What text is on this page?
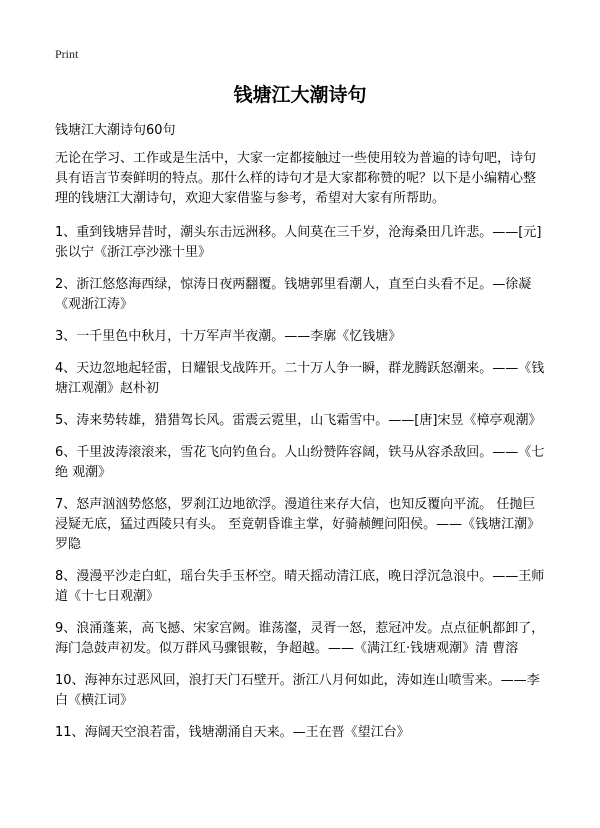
Print
钱塘江大潮诗句
钱塘江大潮诗句60句

无论在学习、工作或是生活中，大家一定都接触过一些使用较为普遍的诗句吧，诗句具有语言节奏鲜明的特点。那什么样的诗句才是大家都称赞的呢？以下是小编精心整理的钱塘江大潮诗句，欢迎大家借鉴与参考，希望对大家有所帮助。

1 、 重到钱塘异昔时，潮头东击远洲移。人间莫在三千岁，沧海桑田几许悲。——[元]张以宁《浙江亭沙涨十里》

2 、 浙江悠悠海西绿，惊涛日夜两翻覆。钱塘郭里看潮人，直至白头看不足。—徐凝《观浙江涛》

3 、 一千里色中秋月，十万军声半夜潮。——李廓《忆钱塘》

4 、 天边忽地起轻雷，日耀银戈战阵开。二十万人争一瞬，群龙腾跃怒潮来。——《钱塘江观潮》赵朴初

5 、 涛来势转雄，猎猎驾长风。雷震云霓里，山飞霜雪中。——[唐]宋昱《樟亭观潮》

6 、 千里波涛滚滚来，雪花飞向钓鱼台。人山纷赞阵容阔，铁马从容杀敌回。——《七绝 观潮》

7 、 怒声汹汹势悠悠，罗刹江边地欲浮。漫道往来存大信，也知反覆向平流。 任抛巨浸疑无底，猛过西陵只有头。 至竟朝昏谁主掌，好骑赪鲤问阳侯。——《钱塘江潮》罗隐

8 、 漫漫平沙走白虹，瑶台失手玉杯空。晴天摇动清江底，晚日浮沉急浪中。——王师道《十七日观潮》

9 、 浪涌蓬莱，高飞撼、宋家宫阙。谁荡瀣，灵胥一怒，惹冠冲发。点点征帆都卸了，海门急鼓声初发。似万群风马骤银鞍，争超越。——《满江红·钱塘观潮》清 曹溶

10 、 海神东过恶风回，浪打天门石壁开。浙江八月何如此，涛如连山喷雪来。——李白《横江词》

11 、 海阔天空浪若雷，钱塘潮涌自天来。—王在晋《望江台》
